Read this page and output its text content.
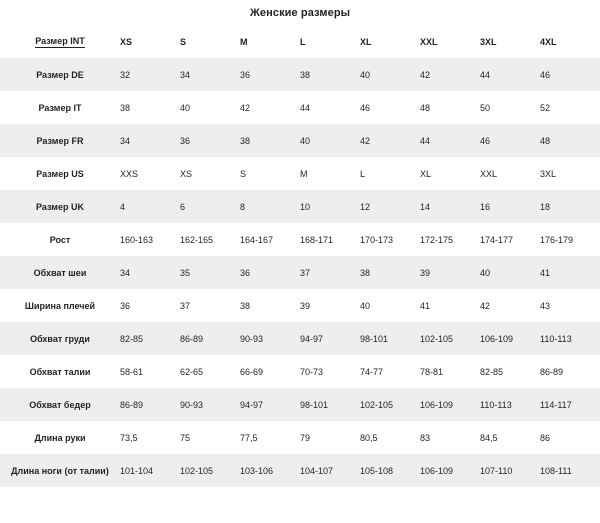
Женские размеры
Размер INT	XS	S	M	L	XL	XXL	3XL	4XL
Размер DE	32	34	36	38	40	42	44	46
Размер IT	38	40	42	44	46	48	50	52
Размер FR	34	36	38	40	42	44	46	48
Размер US	XXS	XS	S	M	L	XL	XXL	3XL
Размер UK	4	6	8	10	12	14	16	18
Рост	160-163	162-165	164-167	168-171	170-173	172-175	174-177	176-179
Обхват шеи	34	35	36	37	38	39	40	41
Ширина плечей	36	37	38	39	40	41	42	43
Обхват груди	82-85	86-89	90-93	94-97	98-101	102-105	106-109	110-113
Обхват талии	58-61	62-65	66-69	70-73	74-77	78-81	82-85	86-89
Обхват бедер	86-89	90-93	94-97	98-101	102-105	106-109	110-113	114-117
Длина руки	73,5	75	77,5	79	80,5	83	84,5	86
Длина ноги (от талии)	101-104	102-105	103-106	104-107	105-108	106-109	107-110	108-111
